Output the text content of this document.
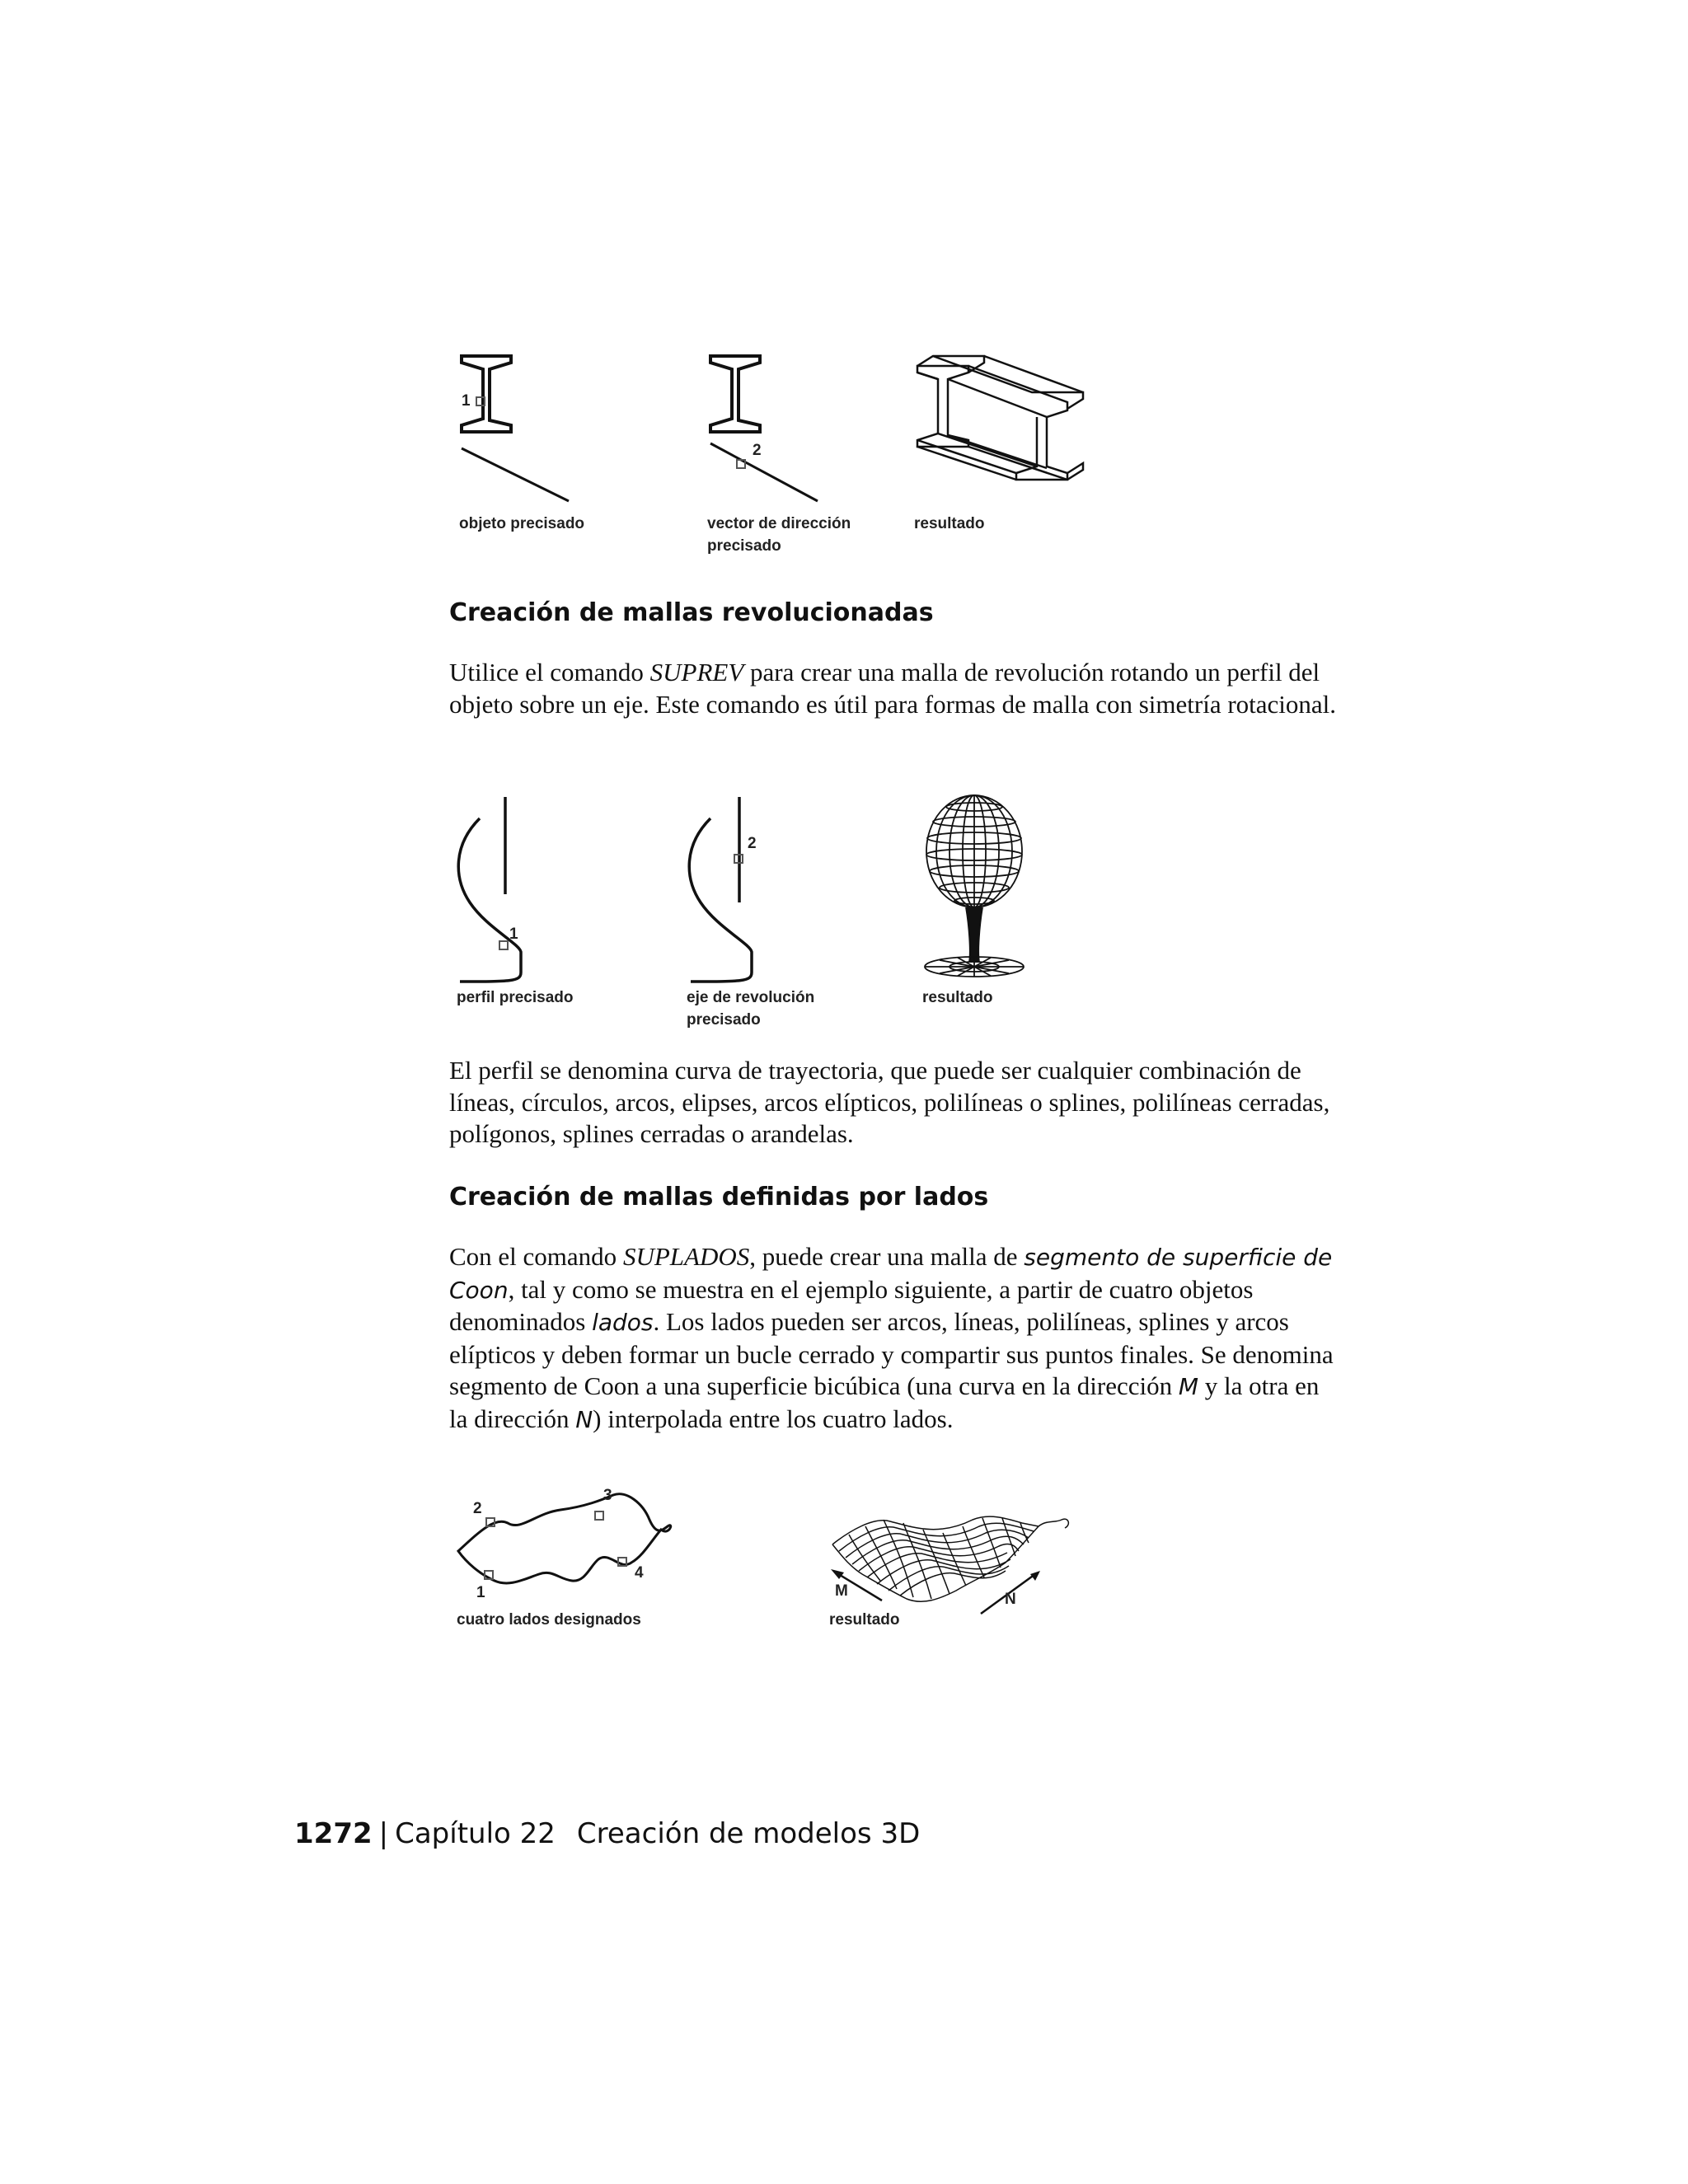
1
2
objeto precisado	vector de dirección
precisado
resultado
Creación de mallas revolucionadas

Utilice el comando SUPREV para crear una malla de revolución rotando un perfil del objeto sobre un eje. Este comando es útil para formas de malla con simetría rotacional.

1
2
perfil precisado	eje de revolución
precisado
resultado

El perfil se denomina curva de trayectoria, que puede ser cualquier combinación de líneas, círculos, arcos, elipses, arcos elípticos, polilíneas o splines, polilíneas cerradas, polígonos, splines cerradas o arandelas.

Creación de mallas definidas por lados

Con el comando SUPLADOS, puede crear una malla de segmento de superficie de Coon, tal y como se muestra en el ejemplo siguiente, a partir de cuatro objetos denominados lados. Los lados pueden ser arcos, líneas, polilíneas, splines y arcos elípticos y deben formar un bucle cerrado y compartir sus puntos finales. Se denomina segmento de Coon a una superficie bicúbica (una curva en la dirección M y la otra en la dirección N) interpolada entre los cuatro lados.

1
2
3
4
M	N
cuatro lados designados	resultado
1272 | Capítulo 22 Creación de modelos 3D
